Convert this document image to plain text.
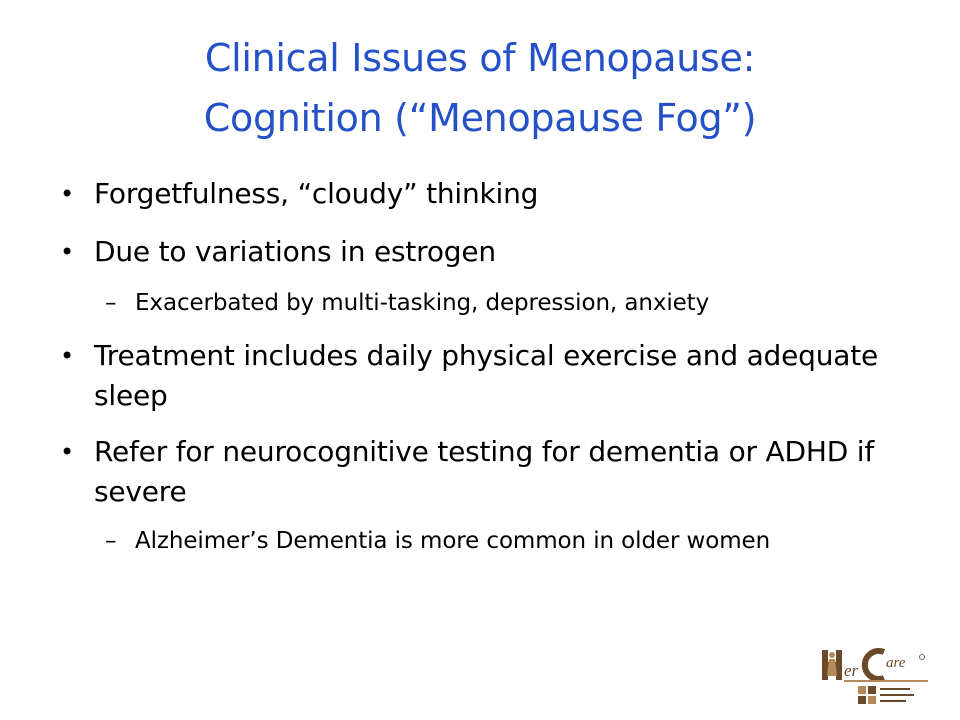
Clinical Issues of Menopause:
Cognition (“Menopause Fog”)
• Forgetfulness, “cloudy” thinking
• Due to variations in estrogen
– Exacerbated by multi-tasking, depression, anxiety
• Treatment includes daily physical exercise and adequate sleep
• Refer for neurocognitive testing for dementia or ADHD if severe
– Alzheimer’s Dementia is more common in older women
er are
